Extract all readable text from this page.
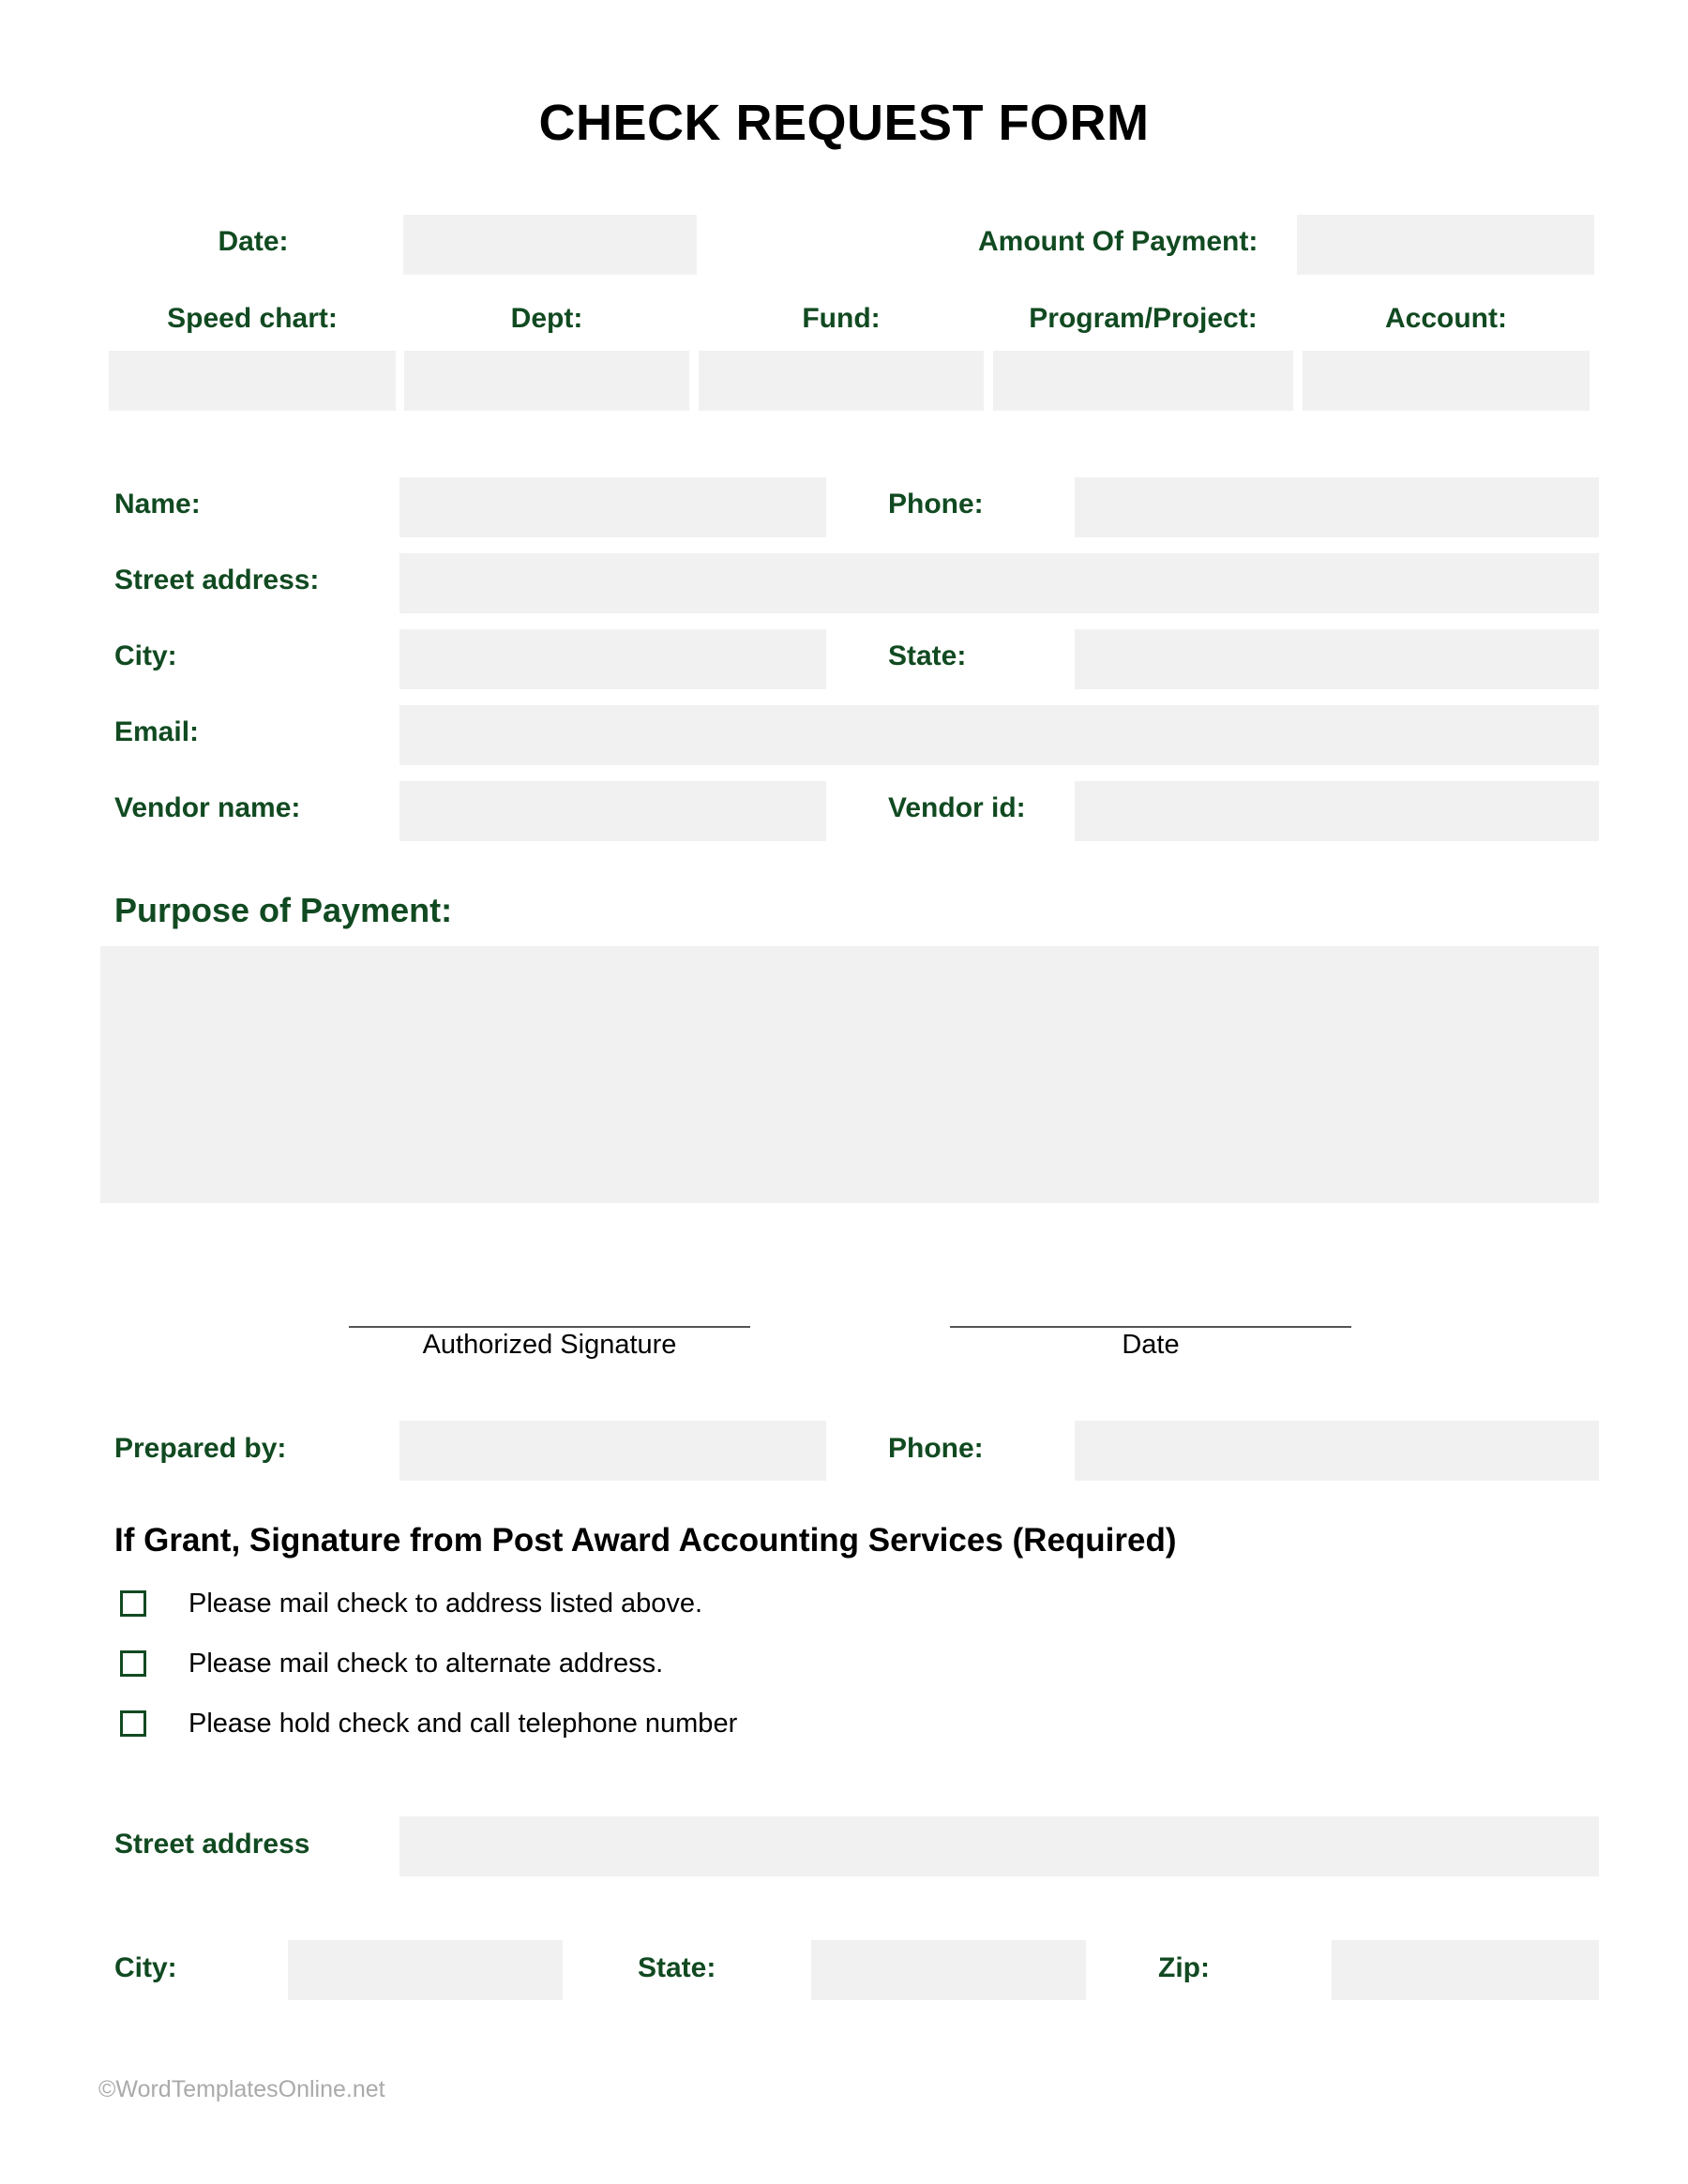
CHECK REQUEST FORM
Date:	Amount Of Payment:
Speed chart:	Dept:	Fund:	Program/Project:	Account:
Name:	Phone:
Street address:
City:	State:
Email:
Vendor name:	Vendor id:
Purpose of Payment:
Authorized Signature	Date
Prepared by:	Phone:
If Grant, Signature from Post Award Accounting Services (Required)
Please mail check to address listed above.
Please mail check to alternate address.
Please hold check and call telephone number
Street address
City:	State:	Zip:
©WordTemplatesOnline.net
